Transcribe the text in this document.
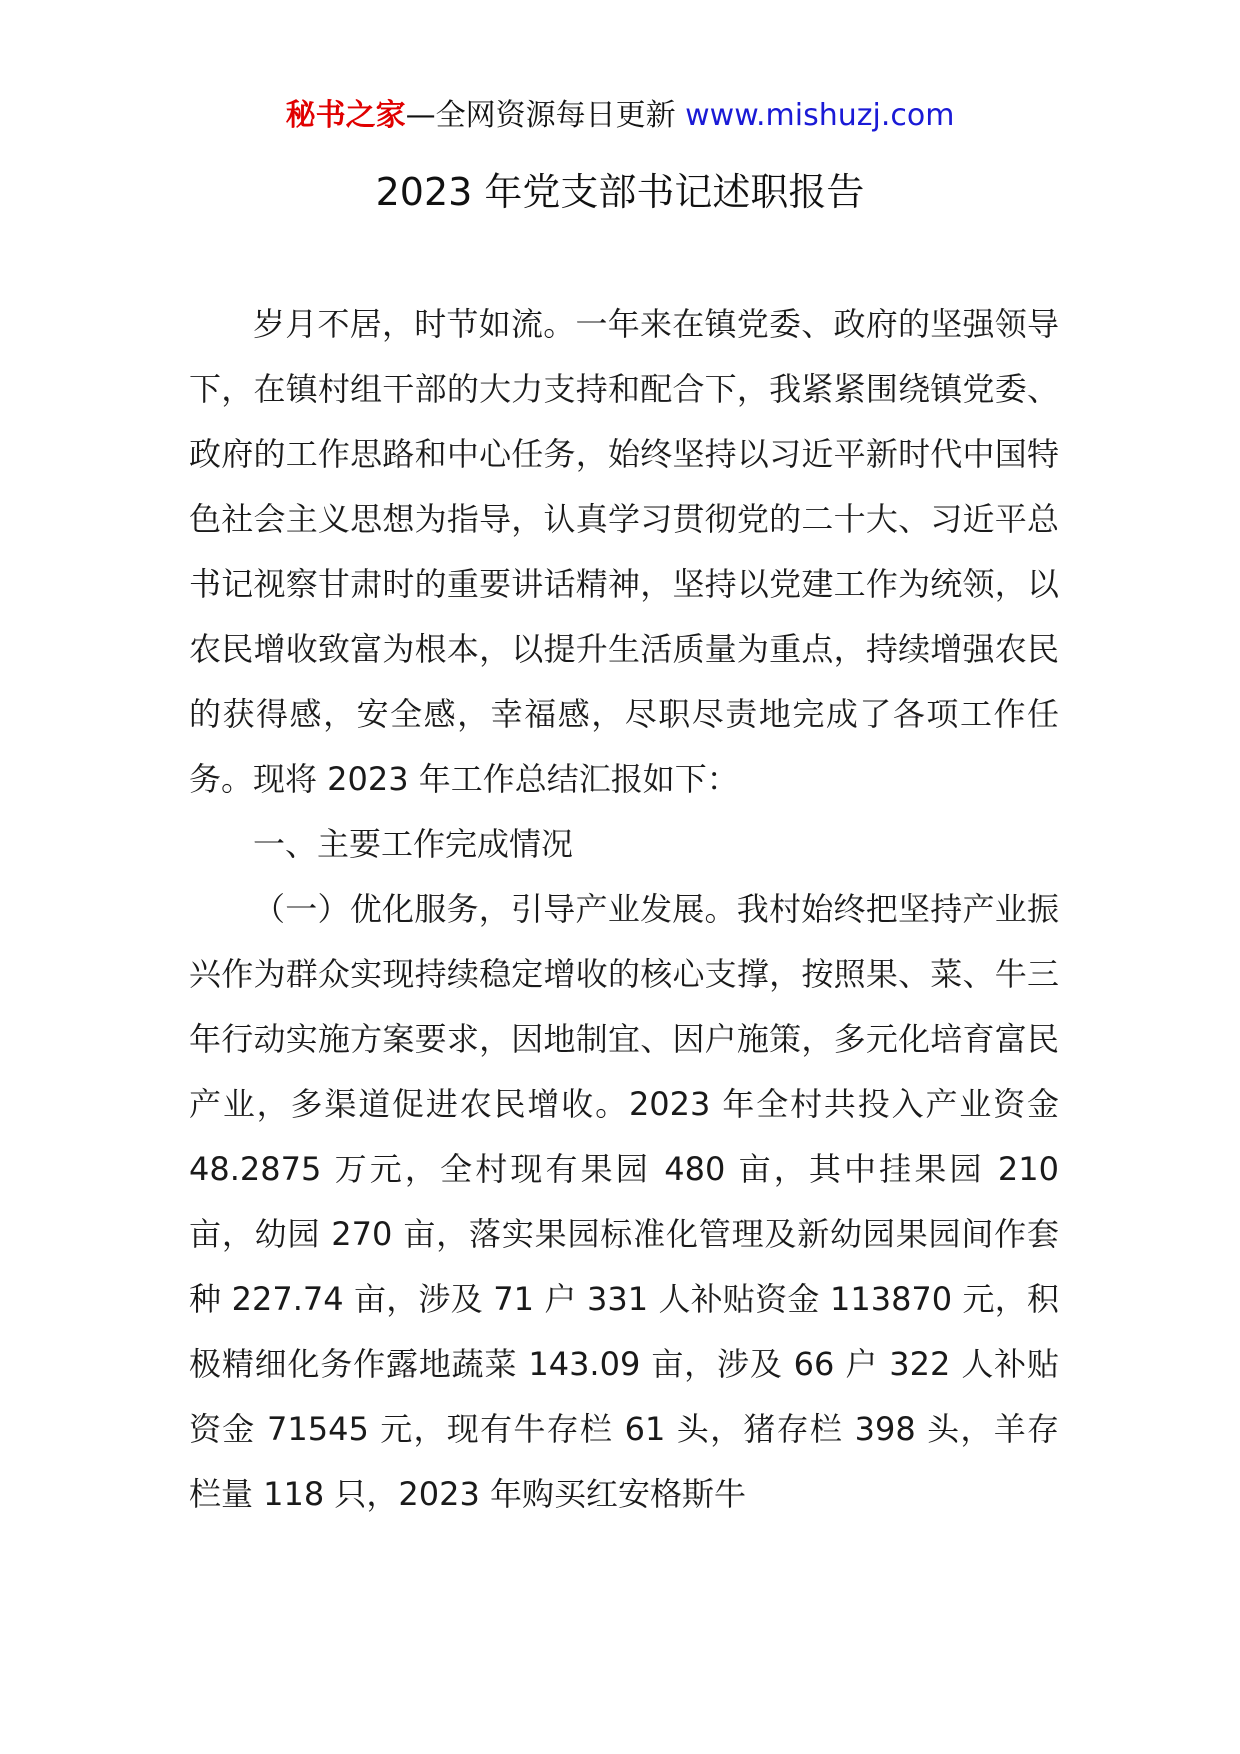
秘书之家—全网资源每日更新 www.mishuzj.com
2023 年党支部书记述职报告

岁月不居，时节如流。一年来在镇党委、政府的坚强领导下，在镇村组干部的大力支持和配合下，我紧紧围绕镇党委、政府的工作思路和中心任务，始终坚持以习近平新时代中国特色社会主义思想为指导，认真学习贯彻党的二十大、习近平总书记视察甘肃时的重要讲话精神，坚持以党建工作为统领，以农民增收致富为根本，以提升生活质量为重点，持续增强农民的获得感，安全感，幸福感，尽职尽责地完成了各项工作任务。现将 2023 年工作总结汇报如下：

一、主要工作完成情况

（一）优化服务，引导产业发展。我村始终把坚持产业振兴作为群众实现持续稳定增收的核心支撑，按照果、菜、牛三年行动实施方案要求，因地制宜、因户施策，多元化培育富民产业，多渠道促进农民增收。2023 年全村共投入产业资金 48.2875 万元，全村现有果园 480 亩，其中挂果园 210 亩，幼园 270 亩，落实果园标准化管理及新幼园果园间作套种 227.74 亩，涉及 71 户 331 人补贴资金 113870 元，积极精细化务作露地蔬菜 143.09 亩，涉及 66 户 322 人补贴资金 71545 元，现有牛存栏 61 头，猪存栏 398 头，羊存栏量 118 只，2023 年购买红安格斯牛
